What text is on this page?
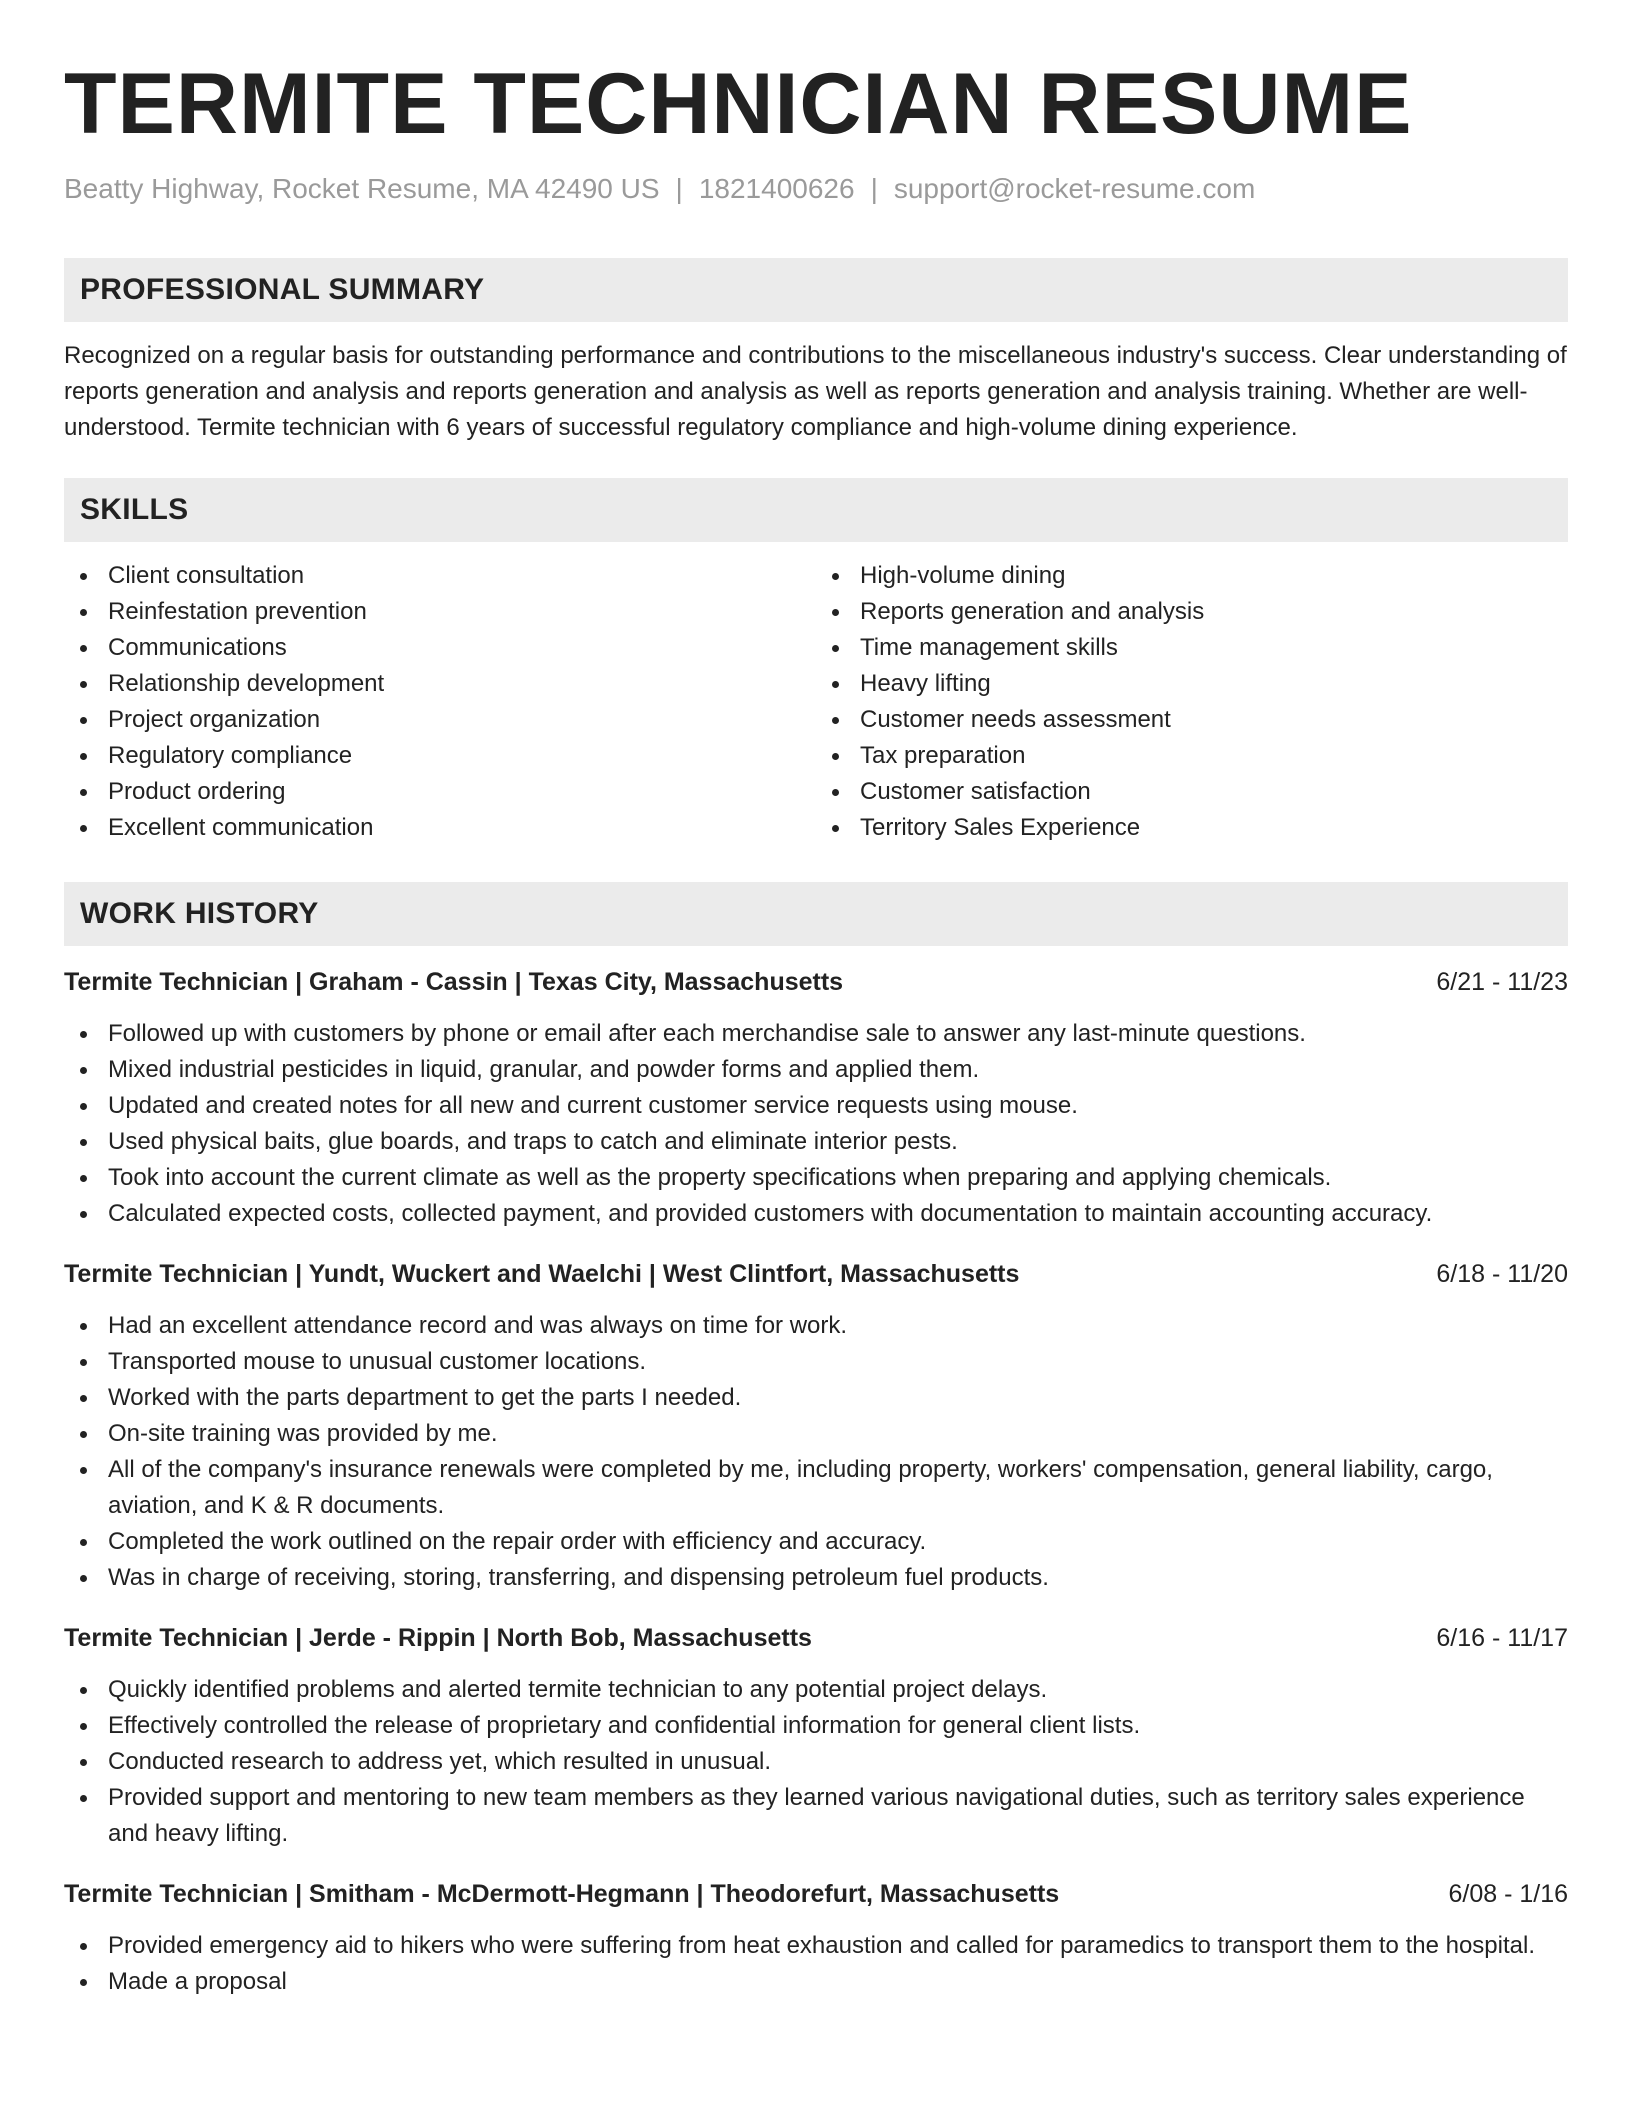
TERMITE TECHNICIAN RESUME
Beatty Highway, Rocket Resume, MA 42490 US | 1821400626 | support@rocket-resume.com
PROFESSIONAL SUMMARY
Recognized on a regular basis for outstanding performance and contributions to the miscellaneous industry's success. Clear understanding of reports generation and analysis and reports generation and analysis as well as reports generation and analysis training. Whether are well-understood. Termite technician with 6 years of successful regulatory compliance and high-volume dining experience.
SKILLS
Client consultation
Reinfestation prevention
Communications
Relationship development
Project organization
Regulatory compliance
Product ordering
Excellent communication
High-volume dining
Reports generation and analysis
Time management skills
Heavy lifting
Customer needs assessment
Tax preparation
Customer satisfaction
Territory Sales Experience
WORK HISTORY
Termite Technician | Graham - Cassin | Texas City, Massachusetts	6/21 - 11/23
Followed up with customers by phone or email after each merchandise sale to answer any last-minute questions.
Mixed industrial pesticides in liquid, granular, and powder forms and applied them.
Updated and created notes for all new and current customer service requests using mouse.
Used physical baits, glue boards, and traps to catch and eliminate interior pests.
Took into account the current climate as well as the property specifications when preparing and applying chemicals.
Calculated expected costs, collected payment, and provided customers with documentation to maintain accounting accuracy.
Termite Technician | Yundt, Wuckert and Waelchi | West Clintfort, Massachusetts	6/18 - 11/20
Had an excellent attendance record and was always on time for work.
Transported mouse to unusual customer locations.
Worked with the parts department to get the parts I needed.
On-site training was provided by me.
All of the company's insurance renewals were completed by me, including property, workers' compensation, general liability, cargo, aviation, and K & R documents.
Completed the work outlined on the repair order with efficiency and accuracy.
Was in charge of receiving, storing, transferring, and dispensing petroleum fuel products.
Termite Technician | Jerde - Rippin | North Bob, Massachusetts	6/16 - 11/17
Quickly identified problems and alerted termite technician to any potential project delays.
Effectively controlled the release of proprietary and confidential information for general client lists.
Conducted research to address yet, which resulted in unusual.
Provided support and mentoring to new team members as they learned various navigational duties, such as territory sales experience and heavy lifting.
Termite Technician | Smitham - McDermott-Hegmann | Theodorefurt, Massachusetts	6/08 - 1/16
Provided emergency aid to hikers who were suffering from heat exhaustion and called for paramedics to transport them to the hospital.
Made a proposal
